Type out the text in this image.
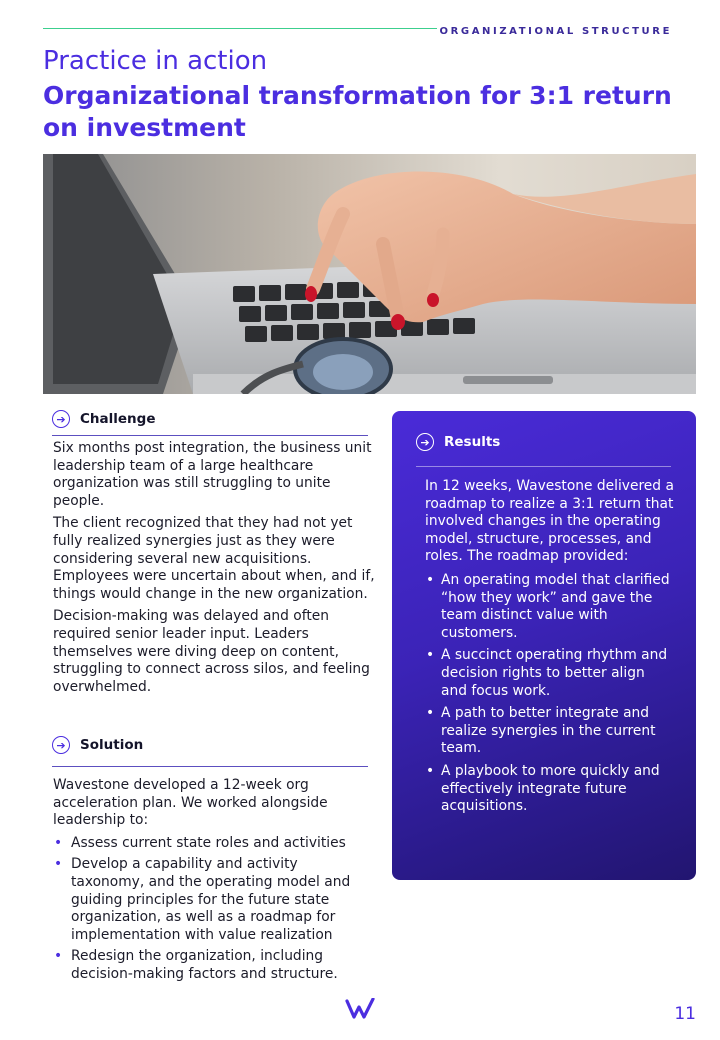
ORGANIZATIONAL STRUCTURE
Practice in action
Organizational transformation for 3:1 return on investment
➔	Challenge

Six months post integration, the business unit leadership team of a large healthcare organization was still struggling to unite people.

The client recognized that they had not yet fully realized synergies just as they were considering several new acquisitions. Employees were uncertain about when, and if, things would change in the new organization.

Decision-making was delayed and often required senior leader input. Leaders themselves were diving deep on content, struggling to connect across silos, and feeling overwhelmed.

➔	Solution

Wavestone developed a 12-week org acceleration plan. We worked alongside leadership to:

• Assess current state roles and activities
• Develop a capability and activity taxonomy, and the operating model and guiding principles for the future state organization, as well as a roadmap for implementation with value realization
• Redesign the organization, including decision-making factors and structure.
➔	Results

In 12 weeks, Wavestone delivered a roadmap to realize a 3:1 return that involved changes in the operating model, structure, processes, and roles. The roadmap provided:

• An operating model that clarified “how they work” and gave the team distinct value with customers.
• A succinct operating rhythm and decision rights to better align and focus work.
• A path to better integrate and realize synergies in the current team.
• A playbook to more quickly and effectively integrate future acquisitions.
11
